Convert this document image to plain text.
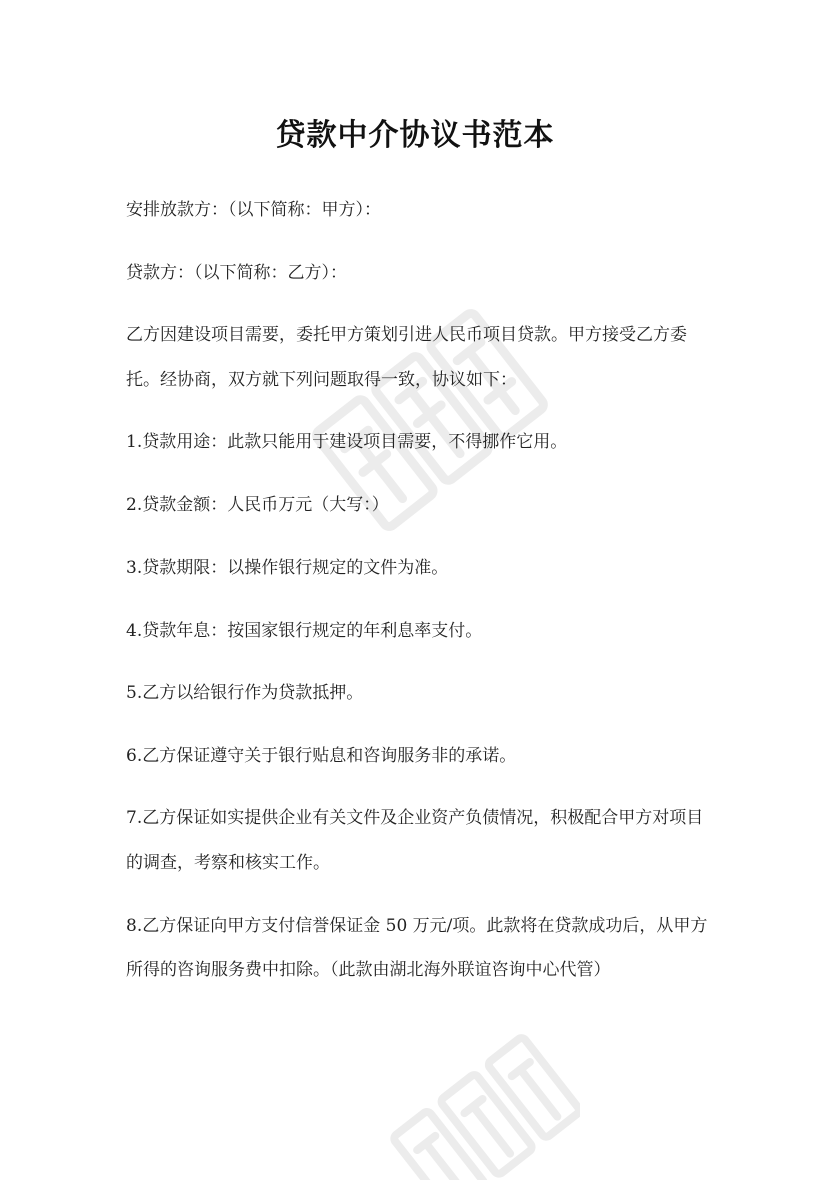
贷款中介协议书范本
安排放款方：（以下简称：甲方）：
贷款方：（以下简称：乙方）：
乙方因建设项目需要，委托甲方策划引进人民币项目贷款。甲方接受乙方委
托。经协商，双方就下列问题取得一致，协议如下：
1.贷款用途：此款只能用于建设项目需要，不得挪作它用。
2.贷款金额：人民币万元（大写：）
3.贷款期限：以操作银行规定的文件为准。
4.贷款年息：按国家银行规定的年利息率支付。
5.乙方以给银行作为贷款抵押。
6.乙方保证遵守关于银行贴息和咨询服务非的承诺。
7.乙方保证如实提供企业有关文件及企业资产负债情况，积极配合甲方对项目
的调查，考察和核实工作。
8.乙方保证向甲方支付信誉保证金 50 万元/项。此款将在贷款成功后，从甲方
所得的咨询服务费中扣除。（此款由湖北海外联谊咨询中心代管）
